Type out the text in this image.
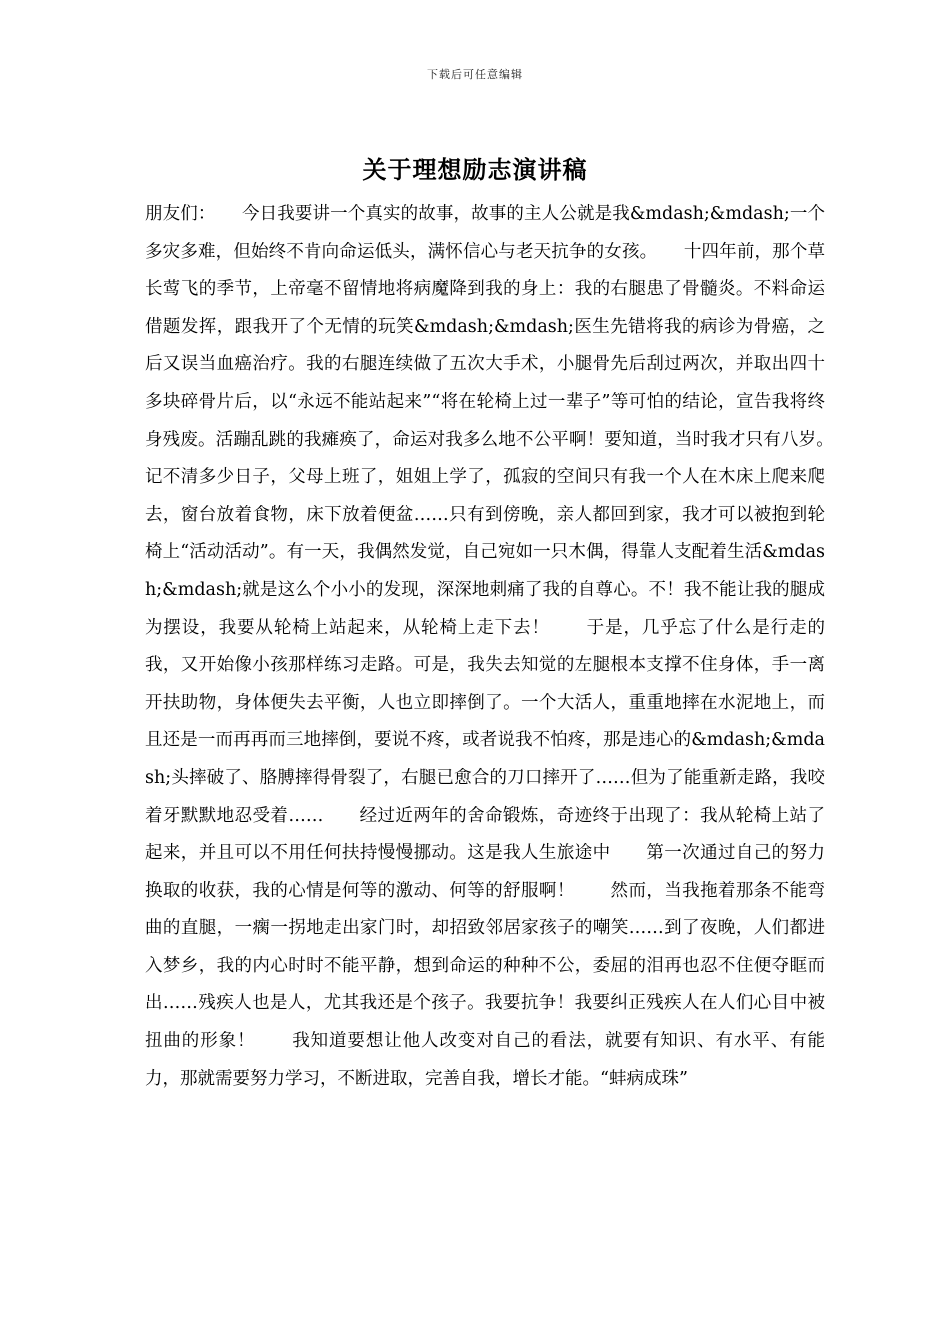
下载后可任意编辑
关于理想励志演讲稿
朋友们：　　今日我要讲一个真实的故事，故事的主人公就是我&mdash;&mdash;一个多灾多难，但始终不肯向命运低头，满怀信心与老天抗争的女孩。　　十四年前，那个草长莺飞的季节，上帝毫不留情地将病魔降到我的身上：我的右腿患了骨髓炎。不料命运借题发挥，跟我开了个无情的玩笑&mdash;&mdash;医生先错将我的病诊为骨癌，之后又误当血癌治疗。我的右腿连续做了五次大手术，小腿骨先后刮过两次，并取出四十多块碎骨片后，以“永远不能站起来”“将在轮椅上过一辈子”等可怕的结论，宣告我将终身残废。活蹦乱跳的我瘫痪了，命运对我多么地不公平啊！要知道，当时我才只有八岁。　　记不清多少日子，父母上班了，姐姐上学了，孤寂的空间只有我一个人在木床上爬来爬去，窗台放着食物，床下放着便盆……只有到傍晚，亲人都回到家，我才可以被抱到轮椅上“活动活动”。有一天，我偶然发觉，自己宛如一只木偶，得靠人支配着生活&mdash;&mdash;就是这么个小小的发现，深深地刺痛了我的自尊心。不！我不能让我的腿成为摆设，我要从轮椅上站起来，从轮椅上走下去！　　于是，几乎忘了什么是行走的我，又开始像小孩那样练习走路。可是，我失去知觉的左腿根本支撑不住身体，手一离开扶助物，身体便失去平衡，人也立即摔倒了。一个大活人，重重地摔在水泥地上，而且还是一而再再而三地摔倒，要说不疼，或者说我不怕疼，那是违心的&mdash;&mdash;头摔破了、胳膊摔得骨裂了，右腿已愈合的刀口摔开了……但为了能重新走路，我咬着牙默默地忍受着……　　经过近两年的舍命锻炼，奇迹终于出现了：我从轮椅上站了起来，并且可以不用任何扶持慢慢挪动。这是我人生旅途中　　第一次通过自己的努力换取的收获，我的心情是何等的激动、何等的舒服啊！　　然而，当我拖着那条不能弯曲的直腿，一瘸一拐地走出家门时，却招致邻居家孩子的嘲笑……到了夜晚，人们都进入梦乡，我的内心时时不能平静，想到命运的种种不公，委屈的泪再也忍不住便夺眶而出……残疾人也是人，尤其我还是个孩子。我要抗争！我要纠正残疾人在人们心目中被扭曲的形象！　　我知道要想让他人改变对自己的看法，就要有知识、有水平、有能力，那就需要努力学习，不断进取，完善自我，增长才能。“蚌病成珠”
